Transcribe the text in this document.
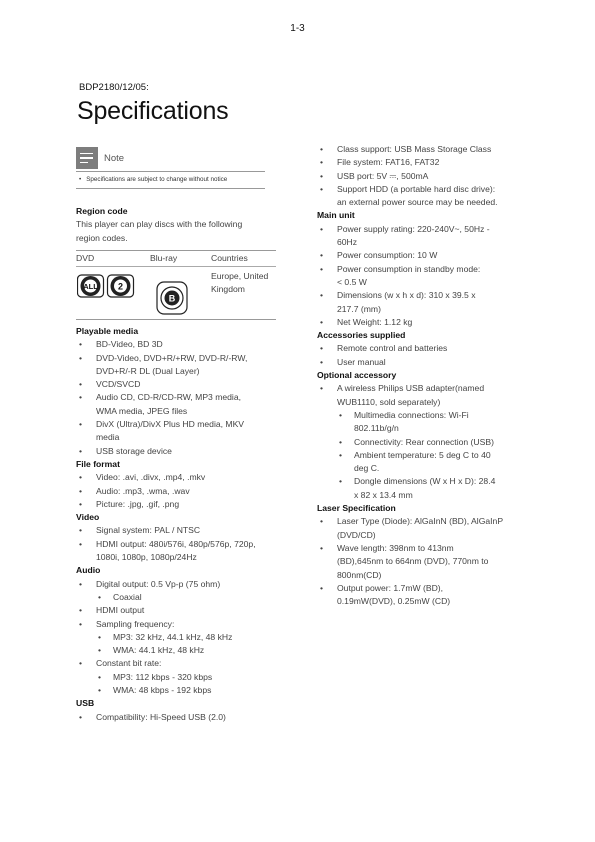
1-3
BDP2180/12/05:
Specifications
Note
• Specifications are subject to change without notice
Region code
This player can play discs with the following
region codes.
DVD	Blu-ray	Countries
ALL 2
B
Europe, United
Kingdom
Playable media
• BD-Video, BD 3D
• DVD-Video, DVD+R/+RW, DVD-R/-RW,
DVD+R/-R DL (Dual Layer)
• VCD/SVCD
• Audio CD, CD-R/CD-RW, MP3 media,
WMA media, JPEG files
• DivX (Ultra)/DivX Plus HD media, MKV
media
• USB storage device
File format
• Video: .avi, .divx, .mp4, .mkv
• Audio: .mp3, .wma, .wav
• Picture: .jpg, .gif, .png
Video
• Signal system: PAL / NTSC
• HDMI output: 480i/576i, 480p/576p, 720p,
1080i, 1080p, 1080p/24Hz
Audio
• Digital output: 0.5 Vp-p (75 ohm)
• Coaxial
• HDMI output
• Sampling frequency:
• MP3: 32 kHz, 44.1 kHz, 48 kHz
• WMA: 44.1 kHz, 48 kHz
• Constant bit rate:
• MP3: 112 kbps - 320 kbps
• WMA: 48 kbps - 192 kbps
USB
• Compatibility: Hi-Speed USB (2.0)
• Class support: USB Mass Storage Class
• File system: FAT16, FAT32
• USB port: 5V ⎓, 500mA
• Support HDD (a portable hard disc drive):
an external power source may be needed.
Main unit
• Power supply rating: 220-240V~, 50Hz -
60Hz
• Power consumption: 10 W
• Power consumption in standby mode:
< 0.5 W
• Dimensions (w x h x d): 310 x 39.5 x
217.7 (mm)
• Net Weight: 1.12 kg
Accessories supplied
• Remote control and batteries
• User manual
Optional accessory
• A wireless Philips USB adapter(named
WUB1110, sold separately)
• Multimedia connections: Wi-Fi
802.11b/g/n
• Connectivity: Rear connection (USB)
• Ambient temperature: 5 deg C to 40
deg C.
• Dongle dimensions (W x H x D): 28.4
x 82 x 13.4 mm
Laser Specification
• Laser Type (Diode): AlGaInN (BD), AlGaInP
(DVD/CD)
• Wave length: 398nm to 413nm
(BD),645nm to 664nm (DVD), 770nm to
800nm(CD)
• Output power: 1.7mW (BD),
0.19mW(DVD), 0.25mW (CD)
